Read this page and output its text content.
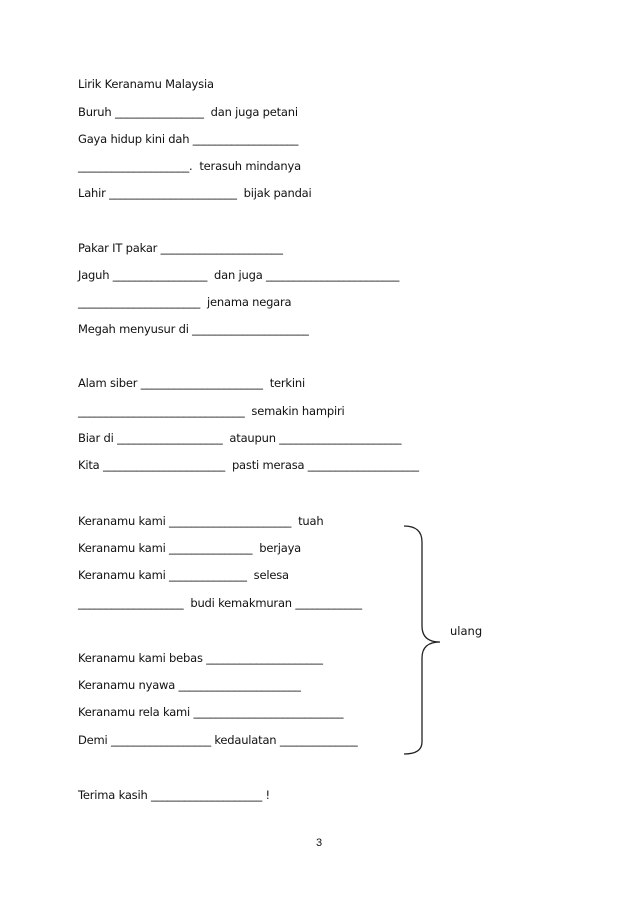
Lirik Keranamu Malaysia
Buruh ________________  dan juga petani
Gaya hidup kini dah ___________________
____________________.  terasuh mindanya
Lahir _______________________  bijak pandai
Pakar IT pakar ______________________
Jaguh _________________  dan juga ________________________
______________________  jenama negara
Megah menyusur di _____________________
Alam siber ______________________  terkini
______________________________  semakin hampiri
Biar di ___________________  ataupun ______________________
Kita ______________________  pasti merasa ____________________
Keranamu kami ______________________  tuah
Keranamu kami _______________  berjaya
Keranamu kami ______________  selesa
___________________  budi kemakmuran ____________
Keranamu kami bebas _____________________
Keranamu nyawa ______________________
Keranamu rela kami ___________________________
Demi __________________ kedaulatan ______________
ulang
Terima kasih ____________________ !
3
